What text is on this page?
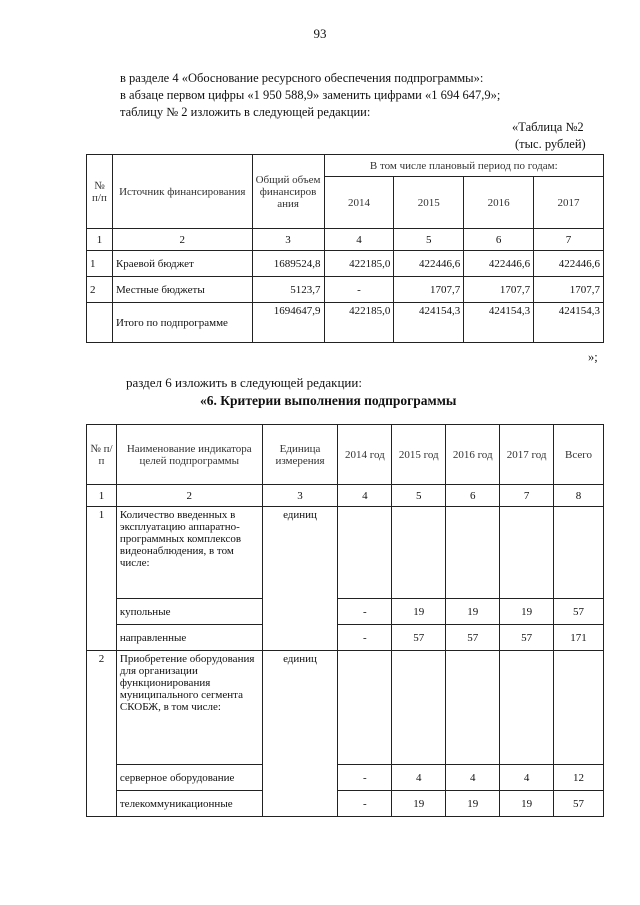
93
в разделе 4 «Обоснование ресурсного обеспечения подпрограммы»:
в абзаце первом цифры «1 950 588,9» заменить цифрами «1 694 647,9»;
таблицу № 2 изложить в следующей редакции:
«Таблица №2
(тыс. рублей)
№ п/п	Источник финансирования	Общий объем финансиров ания	В том числе плановый период по годам:			
			2014	2015	2016	2017
1	2	3	4	5	6	7
1	Краевой бюджет	1689524,8	422185,0	422446,6	422446,6	422446,6
2	Местные бюджеты	5123,7	-	1707,7	1707,7	1707,7
	Итого по подпрограмме	1694647,9	422185,0	424154,3	424154,3	424154,3
»;
раздел 6 изложить в следующей редакции:
«6. Критерии выполнения подпрограммы
№ п/п	Наименование индикатора целей подпрограммы	Единица измерения	2014 год	2015 год	2016 год	2017 год	Всего
1	2	3	4	5	6	7	8
1	Количество введенных в эксплуатацию аппаратно-программных комплексов видеонаблюдения, в том числе:	единиц					
	купольные		-	19	19	19	57
	направленные		-	57	57	57	171
2	Приобретение оборудования для организации функционирования муниципального сегмента СКОБЖ, в том числе:	единиц					
	серверное оборудование		-	4	4	4	12
	телекоммуникационные		-	19	19	19	57
